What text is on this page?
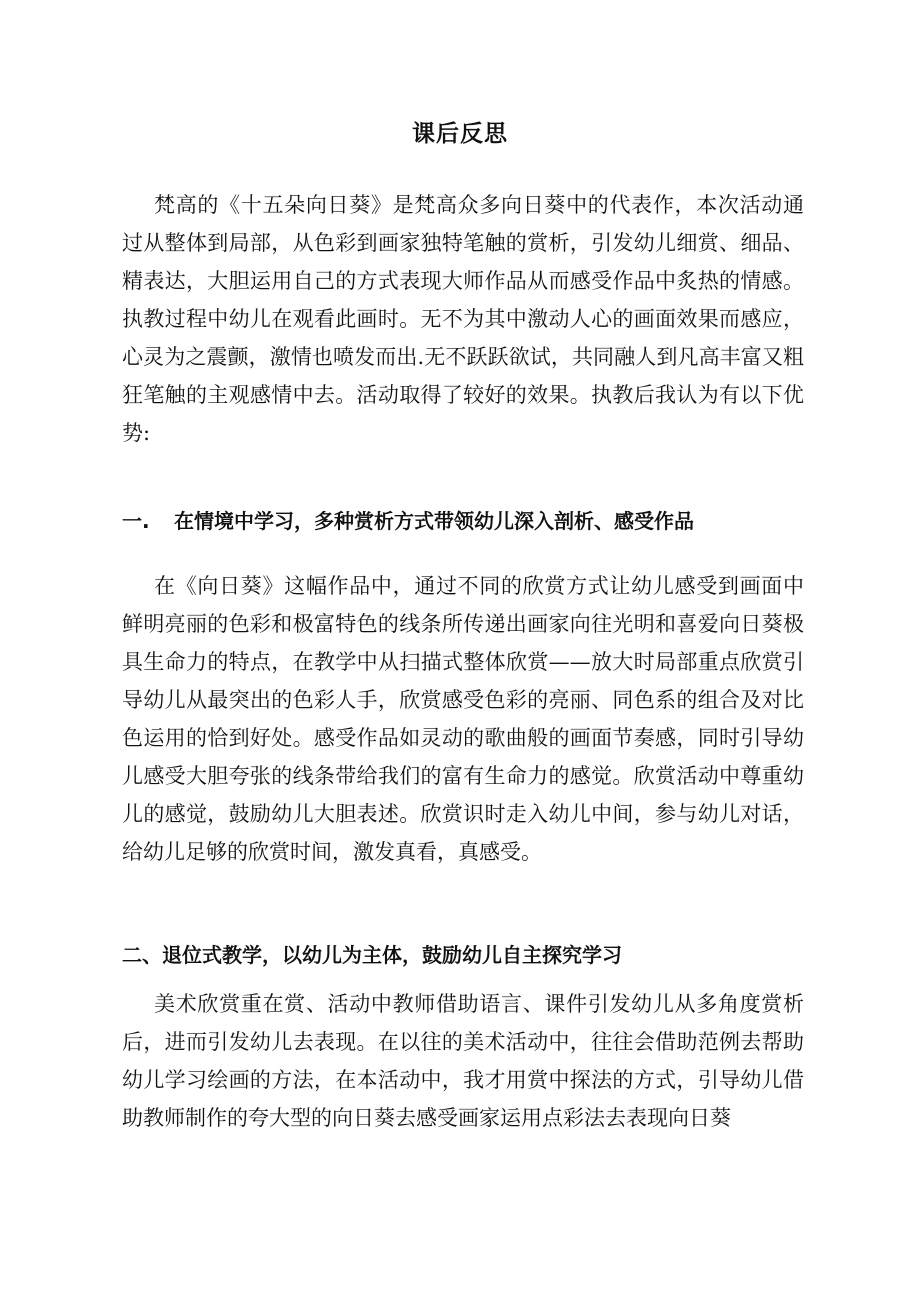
课后反思

梵高的《十五朵向日葵》是梵高众多向日葵中的代表作，本次活动通过从整体到局部，从色彩到画家独特笔触的赏析，引发幼儿细赏、细品、精表达，大胆运用自己的方式表现大师作品从而感受作品中炙热的情感。执教过程中幼儿在观看此画时。无不为其中激动人心的画面效果而感应，心灵为之震颤，激情也喷发而出.无不跃跃欲试，共同融人到凡高丰富又粗狂笔触的主观感情中去。活动取得了较好的效果。执教后我认为有以下优势:

一. 在情境中学习，多种赏析方式带领幼儿深入剖析、感受作品

在《向日葵》这幅作品中，通过不同的欣赏方式让幼儿感受到画面中鲜明亮丽的色彩和极富特色的线条所传递出画家向往光明和喜爱向日葵极具生命力的特点，在教学中从扫描式整体欣赏——放大时局部重点欣赏引导幼儿从最突出的色彩人手，欣赏感受色彩的亮丽、同色系的组合及对比色运用的恰到好处。感受作品如灵动的歌曲般的画面节奏感，同时引导幼儿感受大胆夸张的线条带给我们的富有生命力的感觉。欣赏活动中尊重幼儿的感觉，鼓励幼儿大胆表述。欣赏识时走入幼儿中间，参与幼儿对话，给幼儿足够的欣赏时间，激发真看，真感受。

二、退位式教学，以幼儿为主体，鼓励幼儿自主探究学习

美术欣赏重在赏、活动中教师借助语言、课件引发幼儿从多角度赏析后，进而引发幼儿去表现。在以往的美术活动中，往往会借助范例去帮助幼儿学习绘画的方法，在本活动中，我才用赏中探法的方式，引导幼儿借助教师制作的夸大型的向日葵去感受画家运用点彩法去表现向日葵
